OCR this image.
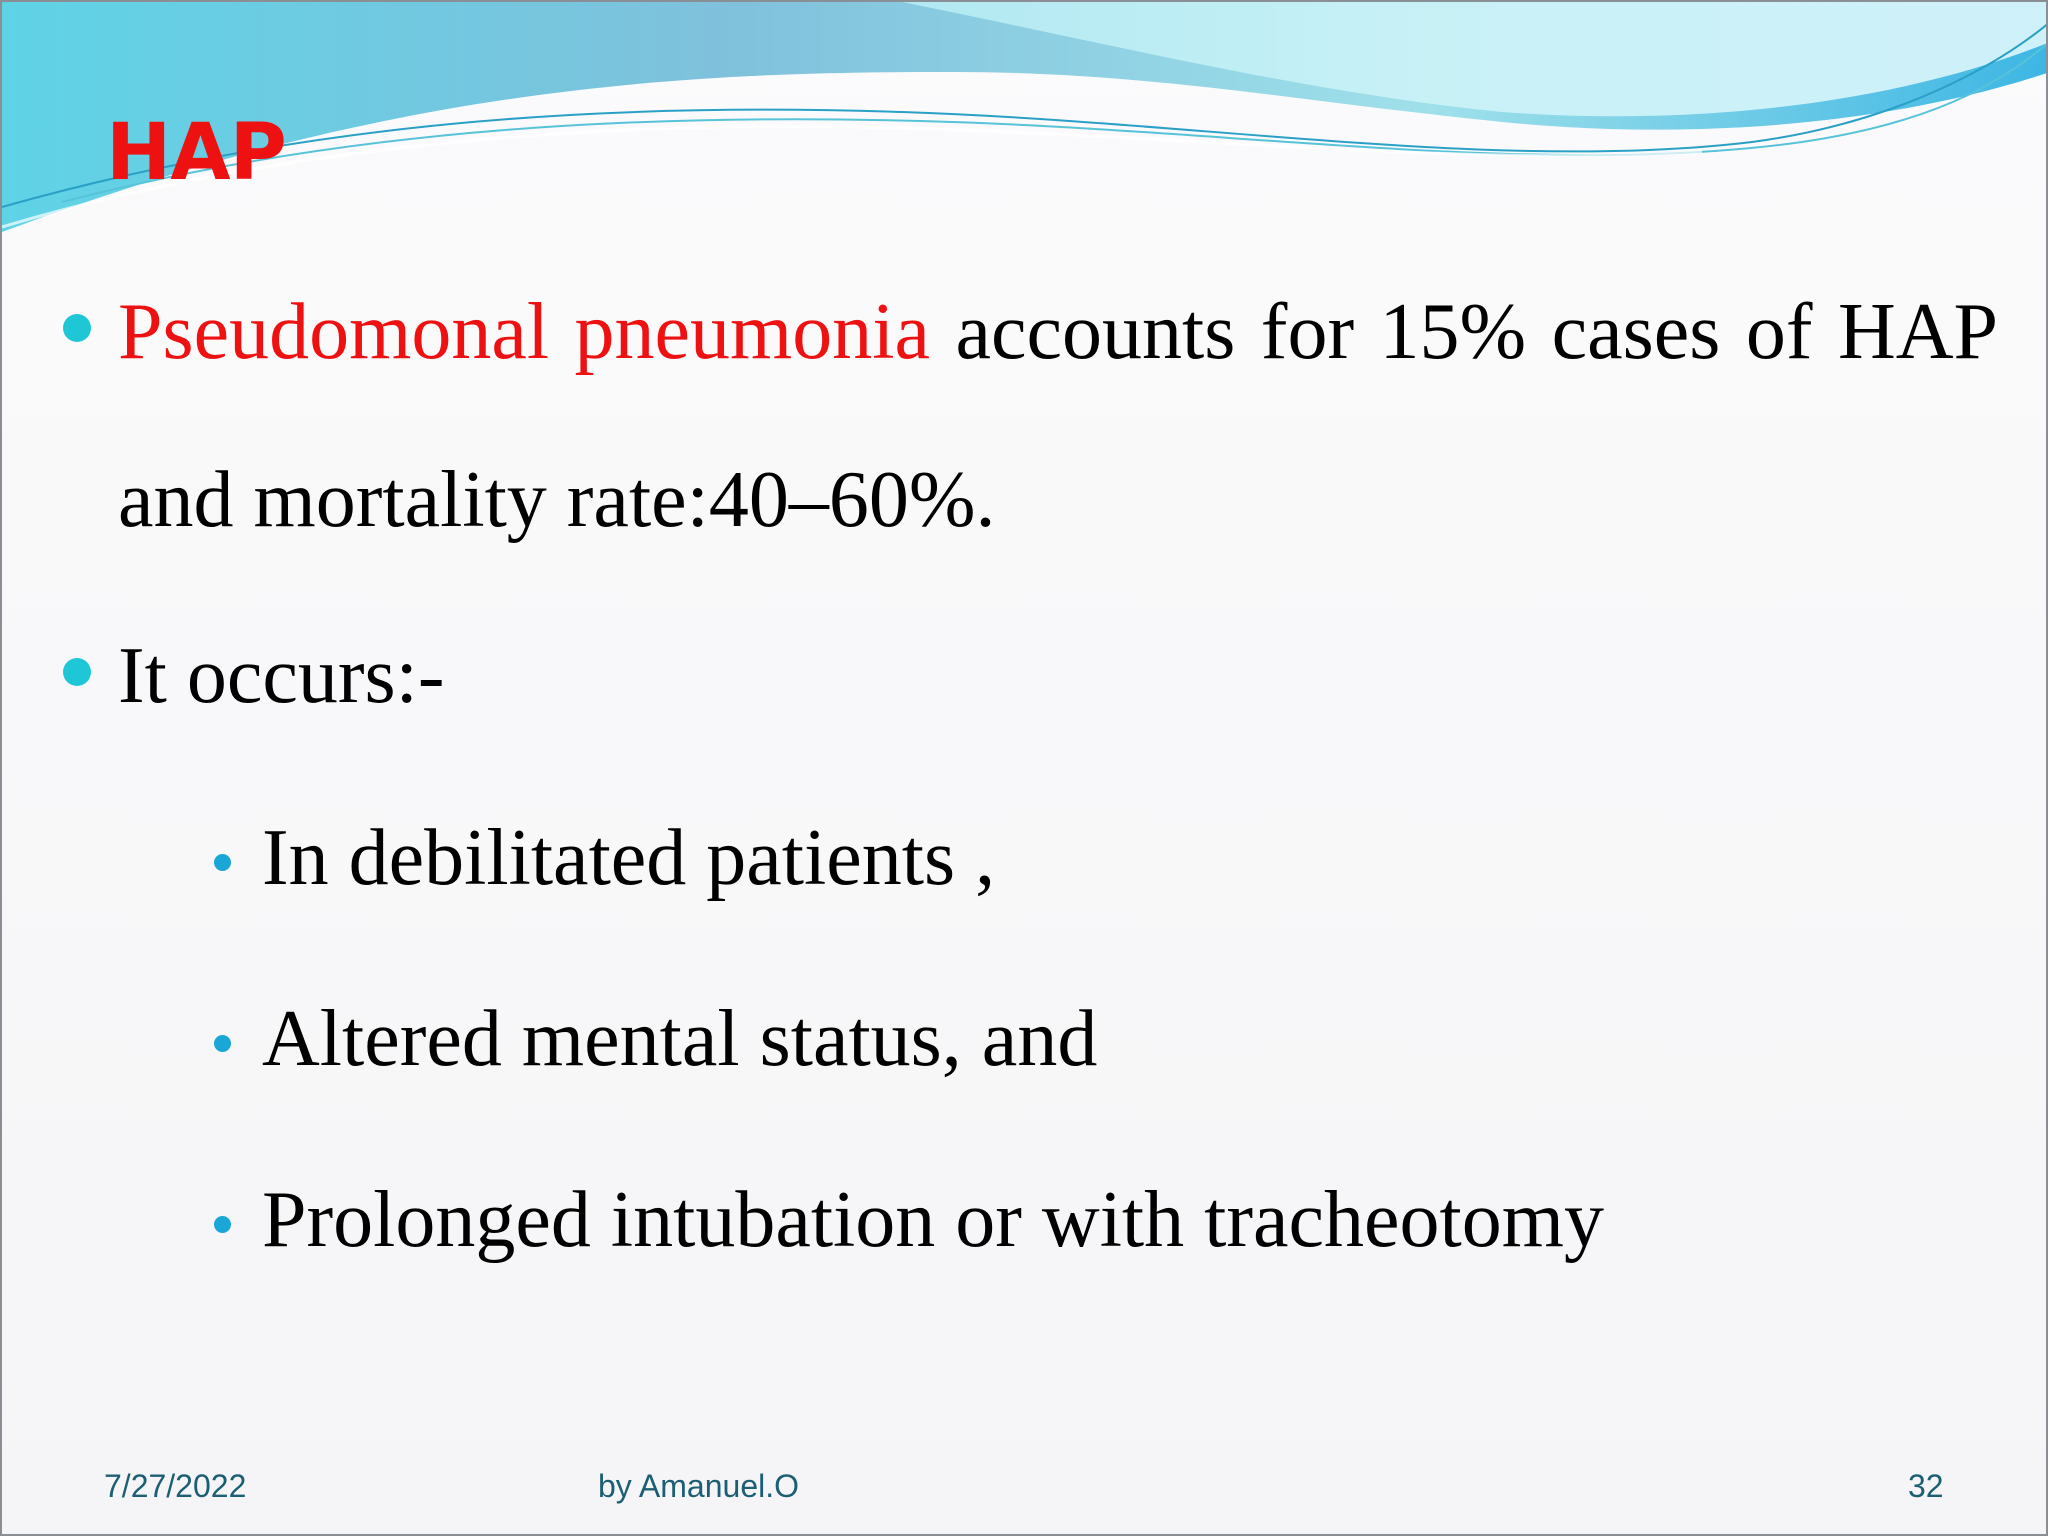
HAP
Pseudomonal pneumonia accounts for 15% cases of HAP
and mortality rate:40–60%.
It occurs:-
In debilitated patients ,
Altered mental status, and
Prolonged intubation or with tracheotomy
7/27/2022	by Amanuel.O	32
